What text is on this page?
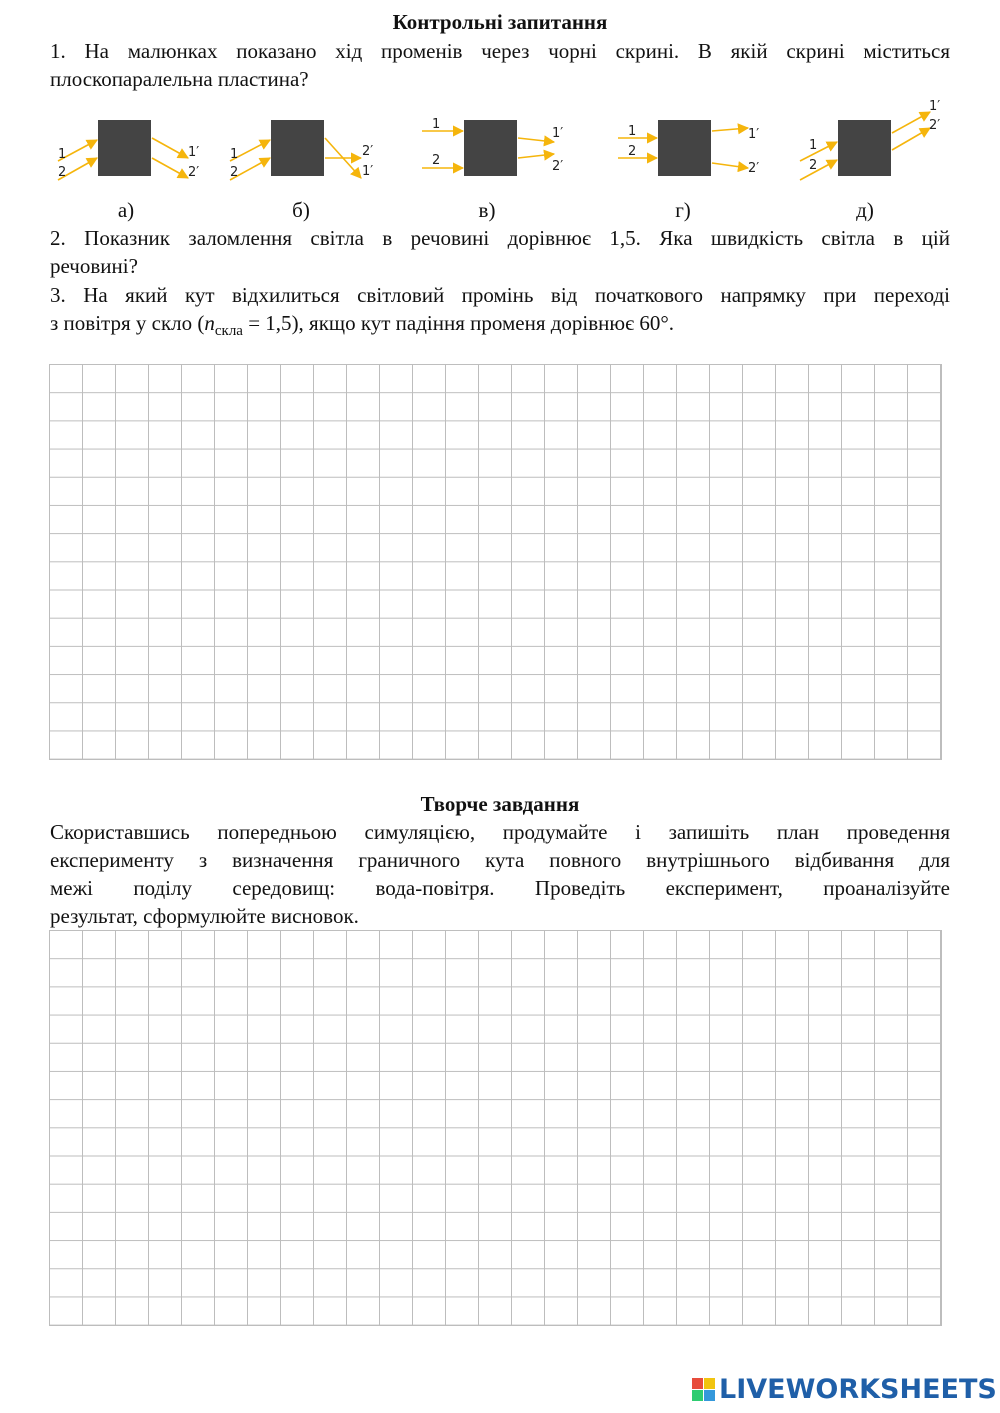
Контрольні запитання
1. На малюнках показано хід променів через чорні скрині. В якій скрині міститься
плоскопаралельна пластина?
1
2
1′
2′
а)
1
2
2′
1′
б)
1
2
1′
2′
в)
1
2
1′
2′
г)
1
2
1′
2′
д)
2. Показник заломлення світла в речовині дорівнює 1,5. Яка швидкість світла в цій
речовині?
3. На який кут відхилиться світловий промінь від початкового напрямку при переході
з повітря у скло $(n_{скла} = 1,5)$, якщо кут падіння променя дорівнює 60°.
Творче завдання
Скориставшись попередньою симуляцією, продумайте і запишіть план проведення
експерименту з визначення граничного кута повного внутрішнього відбивання для
межі поділу середовищ: вода-повітря. Проведіть експеримент, проаналізуйте
результат, сформулюйте висновок.
LIVEWORKSHEETS
